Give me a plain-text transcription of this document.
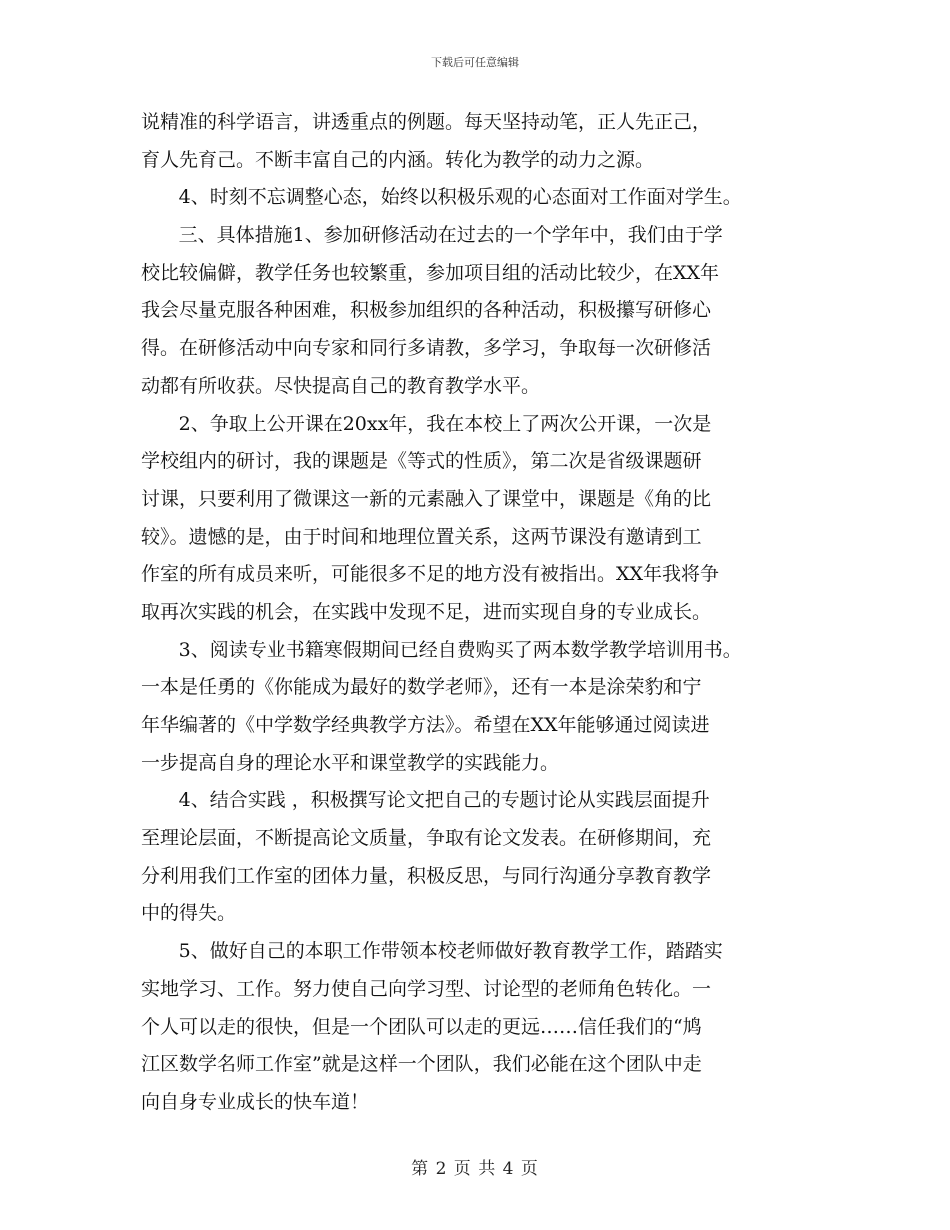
下载后可任意编辑
说精准的科学语言，讲透重点的例题。每天坚持动笔，正人先正己，
育人先育己。不断丰富自己的内涵。转化为教学的动力之源。
4、时刻不忘调整心态，始终以积极乐观的心态面对工作面对学生。
三、具体措施1、参加研修活动在过去的一个学年中，我们由于学
校比较偏僻，教学任务也较繁重，参加项目组的活动比较少，在XX年
我会尽量克服各种困难，积极参加组织的各种活动，积极攥写研修心
得。在研修活动中向专家和同行多请教，多学习，争取每一次研修活
动都有所收获。尽快提高自己的教育教学水平。
2、争取上公开课在20xx年，我在本校上了两次公开课，一次是
学校组内的研讨，我的课题是《等式的性质》，第二次是省级课题研
讨课，只要利用了微课这一新的元素融入了课堂中，课题是《角的比
较》。遗憾的是，由于时间和地理位置关系，这两节课没有邀请到工
作室的所有成员来听，可能很多不足的地方没有被指出。XX年我将争
取再次实践的机会，在实践中发现不足，进而实现自身的专业成长。
3、阅读专业书籍寒假期间已经自费购买了两本数学教学培训用书。
一本是任勇的《你能成为最好的数学老师》，还有一本是涂荣豹和宁
年华编著的《中学数学经典教学方法》。希望在XX年能够通过阅读进
一步提高自身的理论水平和课堂教学的实践能力。
4、结合实践 ，积极撰写论文把自己的专题讨论从实践层面提升
至理论层面，不断提高论文质量，争取有论文发表。在研修期间，充
分利用我们工作室的团体力量，积极反思，与同行沟通分享教育教学
中的得失。
5、做好自己的本职工作带领本校老师做好教育教学工作，踏踏实
实地学习、工作。努力使自己向学习型、讨论型的老师角色转化。一
个人可以走的很快，但是一个团队可以走的更远……信任我们的“鸠
江区数学名师工作室”就是这样一个团队，我们必能在这个团队中走
向自身专业成长的快车道！
第 2 页 共 4 页
